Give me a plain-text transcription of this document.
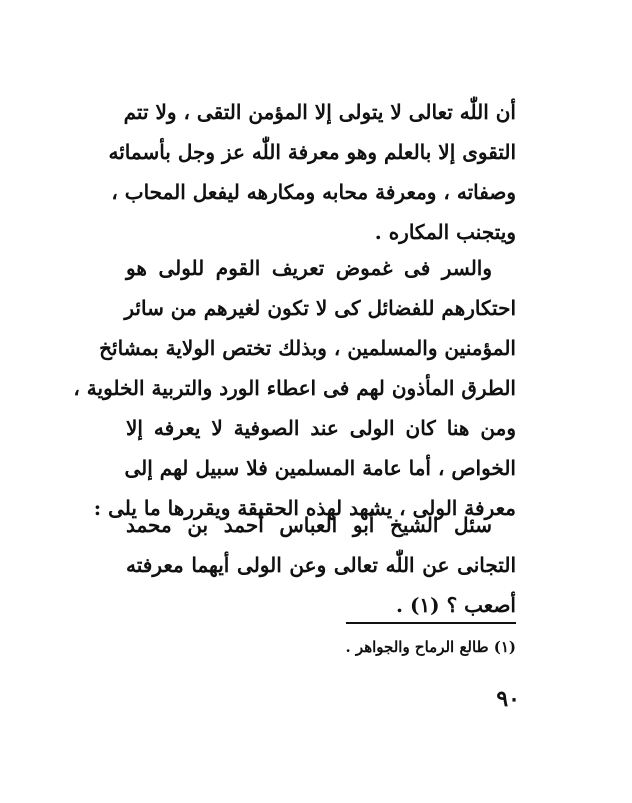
أن اللّٰه تعالى لا يتولى إلا المؤمن التقى ، ولا تتم
التقوى إلا بالعلم وهو معرفة اللّٰه عز وجل بأسمائه
وصفاته ، ومعرفة محابه ومكارهه ليفعل المحاب ،
ويتجنب المكاره .
والسر فى غموض تعريف القوم للولى هو
احتكارهم للفضائل كى لا تكون لغيرهم من سائر
المؤمنين والمسلمين ، وبذلك تختص الولاية بمشائخ
الطرق المأذون لهم فى اعطاء الورد والتربية الخلوية ،
ومن هنا كان الولى عند الصوفية لا يعرفه إلا
الخواص ، أما عامة المسلمين فلا سبيل لهم إلى
معرفة الولى ، يشهد لهذه الحقيقة ويقررها ما يلى :
سئل الشيخ أبو العباس أحمد بن محمد
التجانى عن اللّٰه تعالى وعن الولى أيهما معرفته
أصعب ؟ (١) .
(١) طالع الرماح والجواهر .
٩٠
